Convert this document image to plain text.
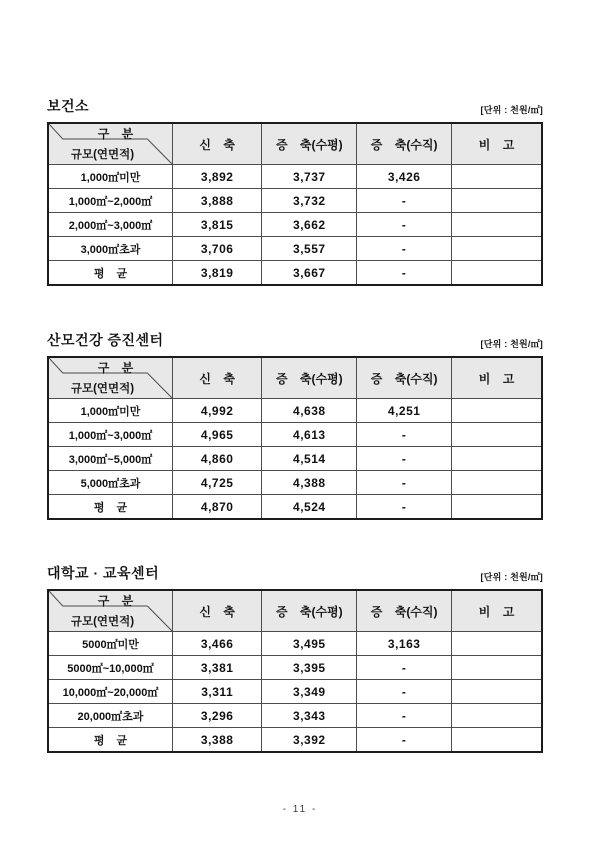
보건소	[단위 : 천원/㎡]
구 분
규모(연면적)	신 축	증 축(수평)	증 축(수직)	비 고
1,000㎡미만	3,892	3,737	3,426	
1,000㎡~2,000㎡	3,888	3,732	-	
2,000㎡~3,000㎡	3,815	3,662	-	
3,000㎡초과	3,706	3,557	-	
평 균	3,819	3,667	-	
산모건강 증진센터	[단위 : 천원/㎡]
구 분
규모(연면적)	신 축	증 축(수평)	증 축(수직)	비 고
1,000㎡미만	4,992	4,638	4,251	
1,000㎡~3,000㎡	4,965	4,613	-	
3,000㎡~5,000㎡	4,860	4,514	-	
5,000㎡초과	4,725	4,388	-	
평 균	4,870	4,524	-	
대학교 · 교육센터	[단위 : 천원/㎡]
구 분
규모(연면적)	신 축	증 축(수평)	증 축(수직)	비 고
5000㎡미만	3,466	3,495	3,163	
5000㎡~10,000㎡	3,381	3,395	-	
10,000㎡~20,000㎡	3,311	3,349	-	
20,000㎡초과	3,296	3,343	-	
평 균	3,388	3,392	-	
- 11 -
